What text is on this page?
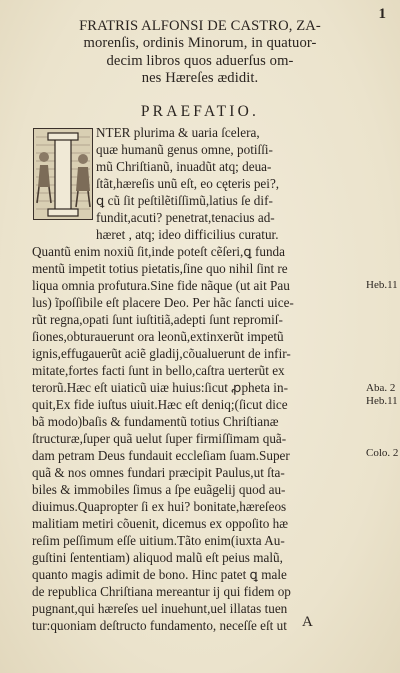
1
FRATRIS ALFONSI DE CASTRO, ZA-
morenſis, ordinis Minorum, in quatuor-
decim libros quos aduerſus om-
nes Hæreſes ædidit.
PRAEFATIO.
NTER plurima & uaria ſcelera,
quæ humanũ genus omne, potiſſi-
mũ Chriſtianũ, inuadũt atq; deua-
ſtãt,hæreſis unũ eſt, eo cęteris pei?,
ꝗ cũ ſit peſtilẽtiſſimũ,latius ſe dif-
fundit,acuti? penetrat,tenacius ad-
hæret , atq; ideo difficilius curatur.
Quantũ enim noxiũ ſit,inde poteſt cẽſeri,ꝗ funda
mentũ impetit totius pietatis,ſine quo nihil ſint re
liqua omnia profutura.Sine fide nãque (ut ait Pau
lus) ĩpoſſibile eſt placere Deo. Per hãc ſancti uice-
rũt regna,opati ſunt iuſtitiã,adepti ſunt repromiſ-
ſiones,obturauerunt ora leonũ,extinxerũt impetũ
ignis,effugauerũt aciẽ gladij,cõualuerunt de infir-
mitate,fortes facti ſunt in bello,caſtra uerterũt ex
terorũ.Hæc eſt uiaticũ uiæ huius:ſicut ꝓpheta in-
quit,Ex fide iuſtus uiuit.Hæc eſt deniq;(ſicut dice
bã modo)baſis & fundamentũ totius Chriſtianæ
ſtructuræ,ſuper quã uelut ſuper firmiſſimam quã-
dam petram Deus fundauit eccleſiam ſuam.Super
quã & nos omnes fundari præcipit Paulus,ut ſta-
biles & immobiles ſimus a ſpe euãgelij quod au-
diuimus.Quapropter ſi ex hui? bonitate,hæreſeos
malitiam metiri cõuenit, dicemus ex oppoſito hæ
reſim peſſimum eſſe uitium.Tãto enim(iuxta Au-
guſtini ſententiam) aliquod malũ eſt peius malũ,
quanto magis adimit de bono. Hinc patet ꝗ male
de republica Chriſtiana mereantur ij qui fidem op
pugnant,qui hæreſes uel inuehunt,uel illatas tuen
tur:quoniam deſtructo fundamento, neceſſe eſt ut
Heb.11
Aba. 2
Heb.11
Colo. 2
A
